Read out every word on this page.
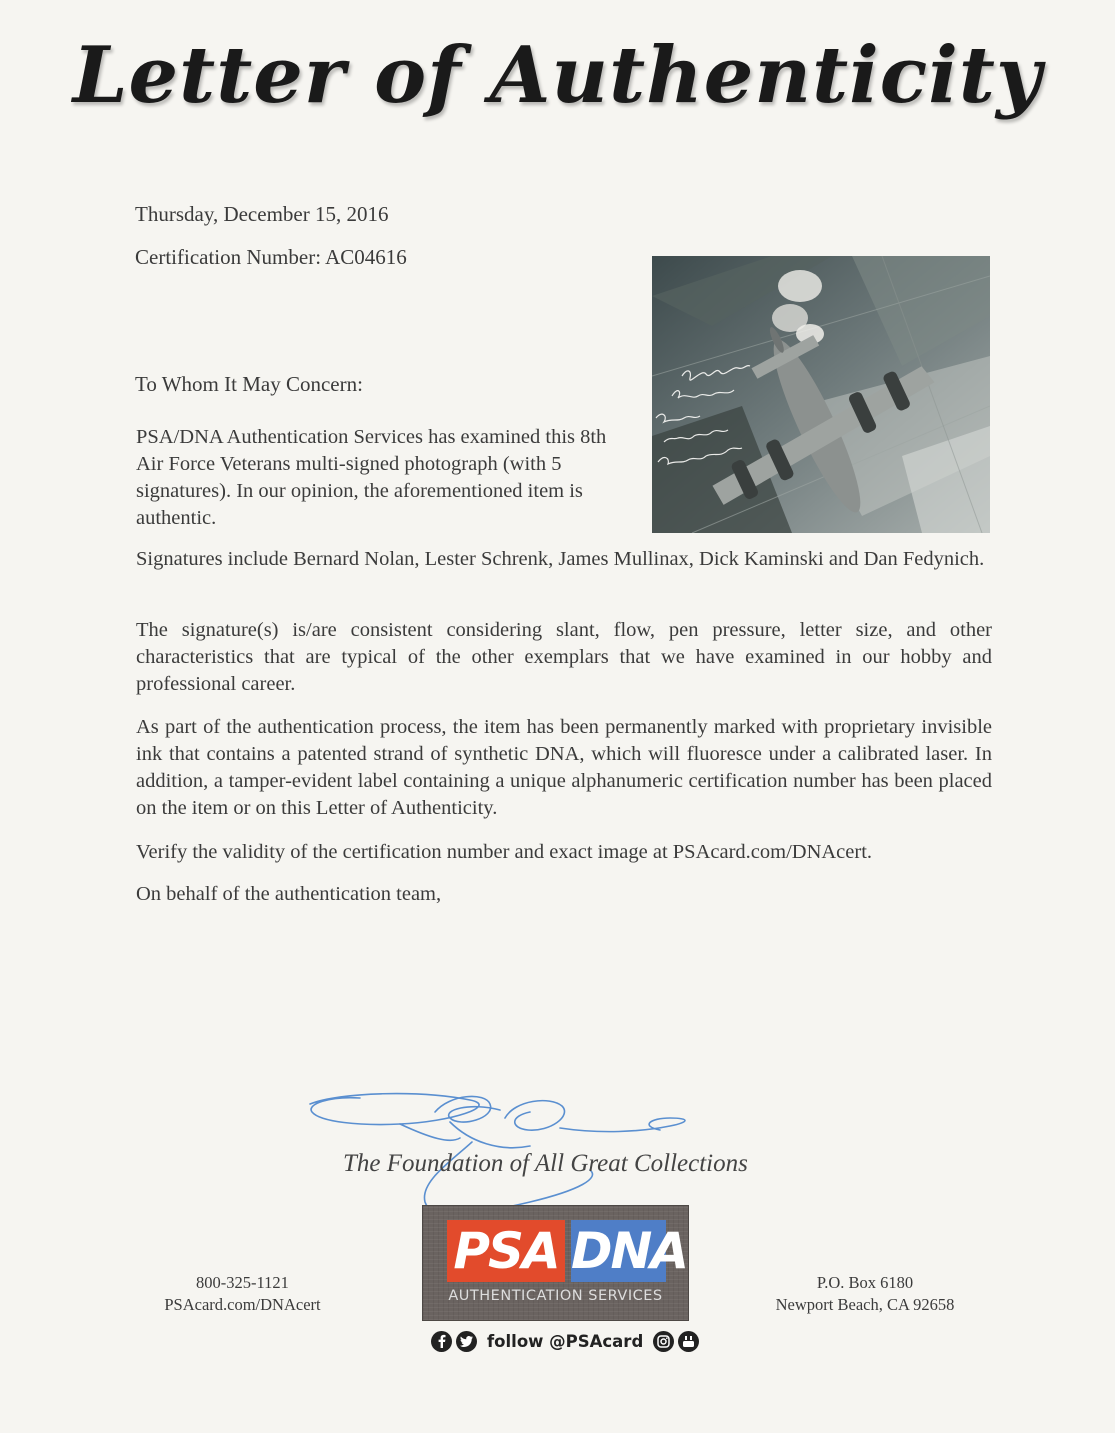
Letter of Authenticity
Thursday, December 15, 2016
Certification Number: AC04616
To Whom It May Concern:

PSA/DNA Authentication Services has examined this 8th Air Force Veterans multi-signed photograph (with 5 signatures). In our opinion, the aforementioned item is authentic.

Signatures include Bernard Nolan, Lester Schrenk, James Mullinax, Dick Kaminski and Dan Fedynich.

The signature(s) is/are consistent considering slant, flow, pen pressure, letter size, and other characteristics that are typical of the other exemplars that we have examined in our hobby and professional career.

As part of the authentication process, the item has been permanently marked with proprietary invisible ink that contains a patented strand of synthetic DNA, which will fluoresce under a calibrated laser. In addition, a tamper-evident label containing a unique alphanumeric certification number has been placed on the item or on this Letter of Authenticity.

Verify the validity of the certification number and exact image at PSAcard.com/DNAcert.

On behalf of the authentication team,

The Foundation of All Great Collections
800-325-1121
PSAcard.com/DNAcert
PSA DNA
AUTHENTICATION SERVICES
P.O. Box 6180
Newport Beach, CA 92658
follow @PSAcard
